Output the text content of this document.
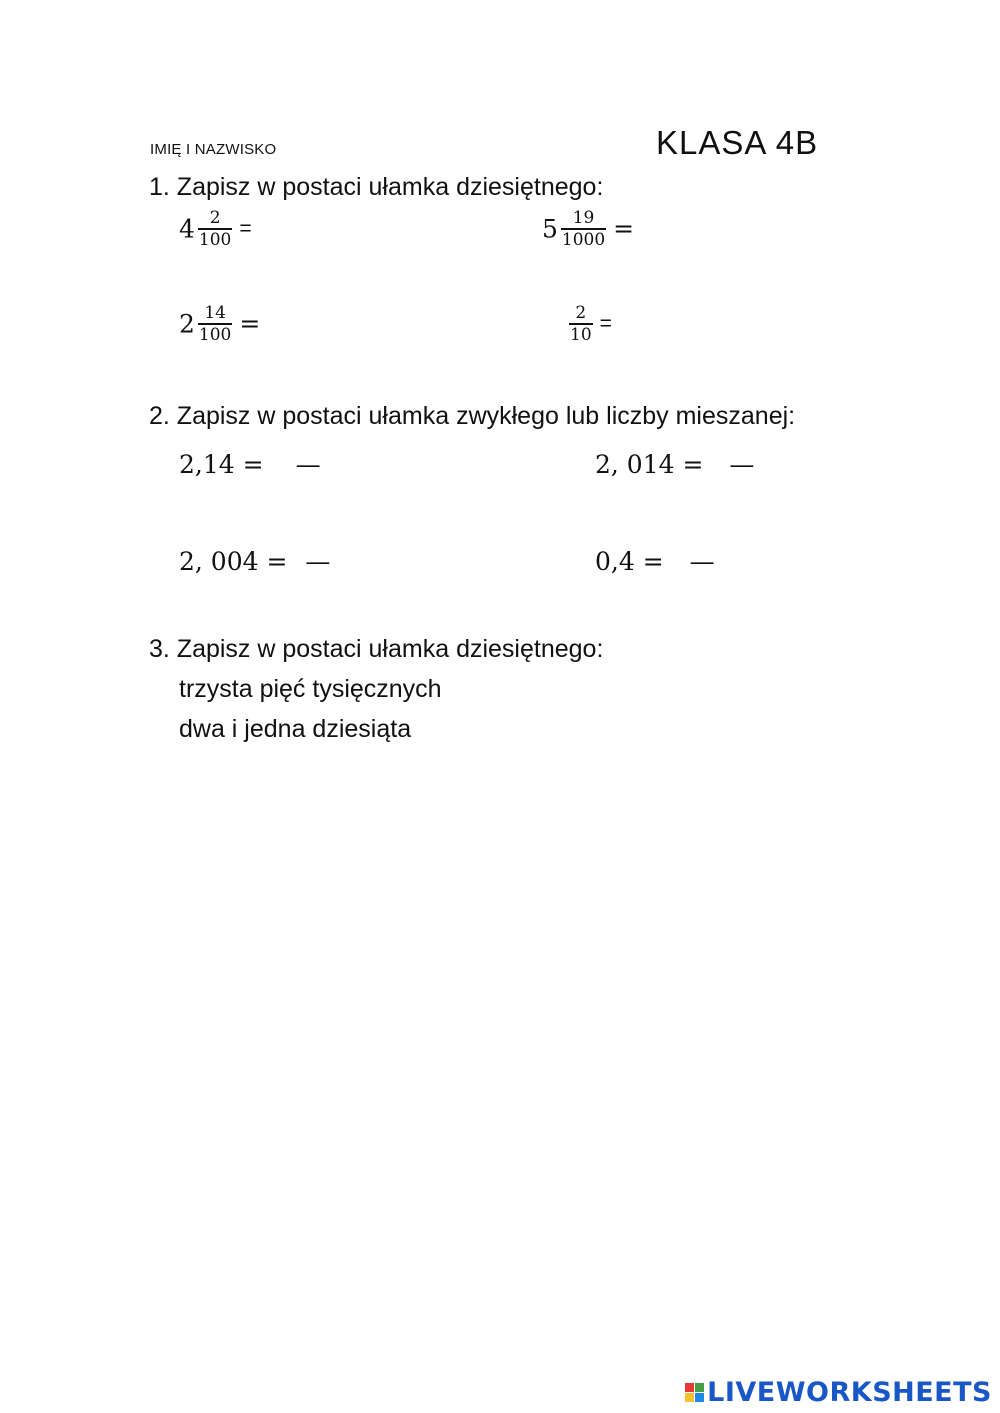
IMIĘ I NAZWISKO	KLASA 4B
1. Zapisz w postaci ułamka dziesiętnego:
$4 \frac{2}{100}$ =	$5 \frac{19}{1000}$ =
$2 \frac{14}{100}$ =	$\frac{2}{10}$ =
2. Zapisz w postaci ułamka zwykłego lub liczby mieszanej:
2,14 = —	2, 014 = —
2, 004 = —	0,4 = —
3. Zapisz w postaci ułamka dziesiętnego:
trzysta pięć tysięcznych
dwa i jedna dziesiąta
LIVEWORKSHEETS
